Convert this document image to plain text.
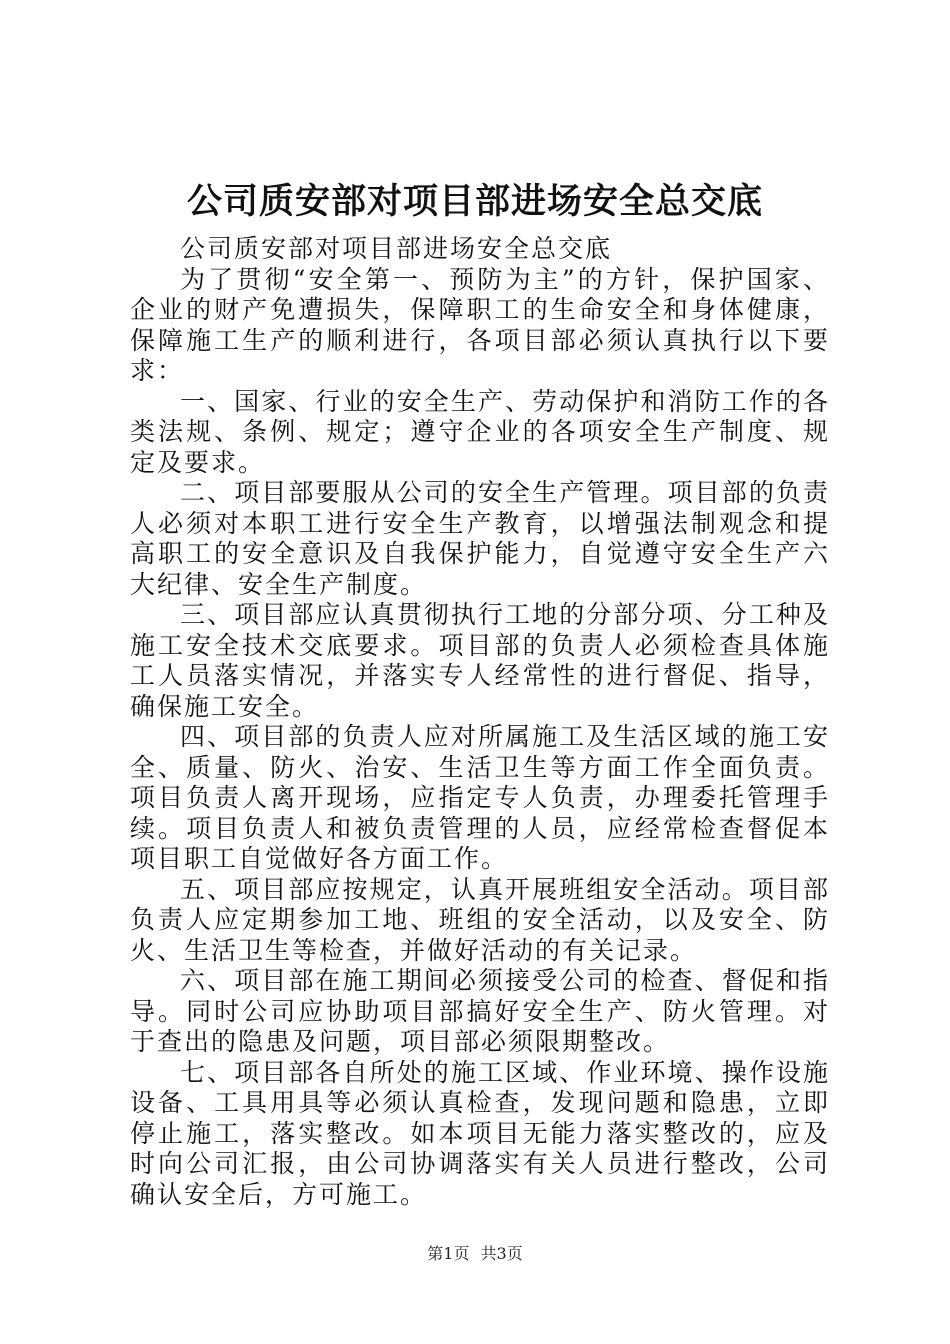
公司质安部对项目部进场安全总交底

公司质安部对项目部进场安全总交底

为了贯彻“安全第一、预防为主”的方针，保护国家、企业的财产免遭损失，保障职工的生命安全和身体健康，保障施工生产的顺利进行，各项目部必须认真执行以下要求：

一、国家、行业的安全生产、劳动保护和消防工作的各类法规、条例、规定；遵守企业的各项安全生产制度、规定及要求。

二、项目部要服从公司的安全生产管理。项目部的负责人必须对本职工进行安全生产教育，以增强法制观念和提高职工的安全意识及自我保护能力，自觉遵守安全生产六大纪律、安全生产制度。

三、项目部应认真贯彻执行工地的分部分项、分工种及施工安全技术交底要求。项目部的负责人必须检查具体施工人员落实情况，并落实专人经常性的进行督促、指导，确保施工安全。

四、项目部的负责人应对所属施工及生活区域的施工安全、质量、防火、治安、生活卫生等方面工作全面负责。项目负责人离开现场，应指定专人负责，办理委托管理手续。项目负责人和被负责管理的人员，应经常检查督促本项目职工自觉做好各方面工作。

五、项目部应按规定，认真开展班组安全活动。项目部负责人应定期参加工地、班组的安全活动，以及安全、防火、生活卫生等检查，并做好活动的有关记录。

六、项目部在施工期间必须接受公司的检查、督促和指导。同时公司应协助项目部搞好安全生产、防火管理。对于查出的隐患及问题，项目部必须限期整改。

七、项目部各自所处的施工区域、作业环境、操作设施设备、工具用具等必须认真检查，发现问题和隐患，立即停止施工，落实整改。如本项目无能力落实整改的，应及时向公司汇报，由公司协调落实有关人员进行整改，公司确认安全后，方可施工。

第1页 共3页
